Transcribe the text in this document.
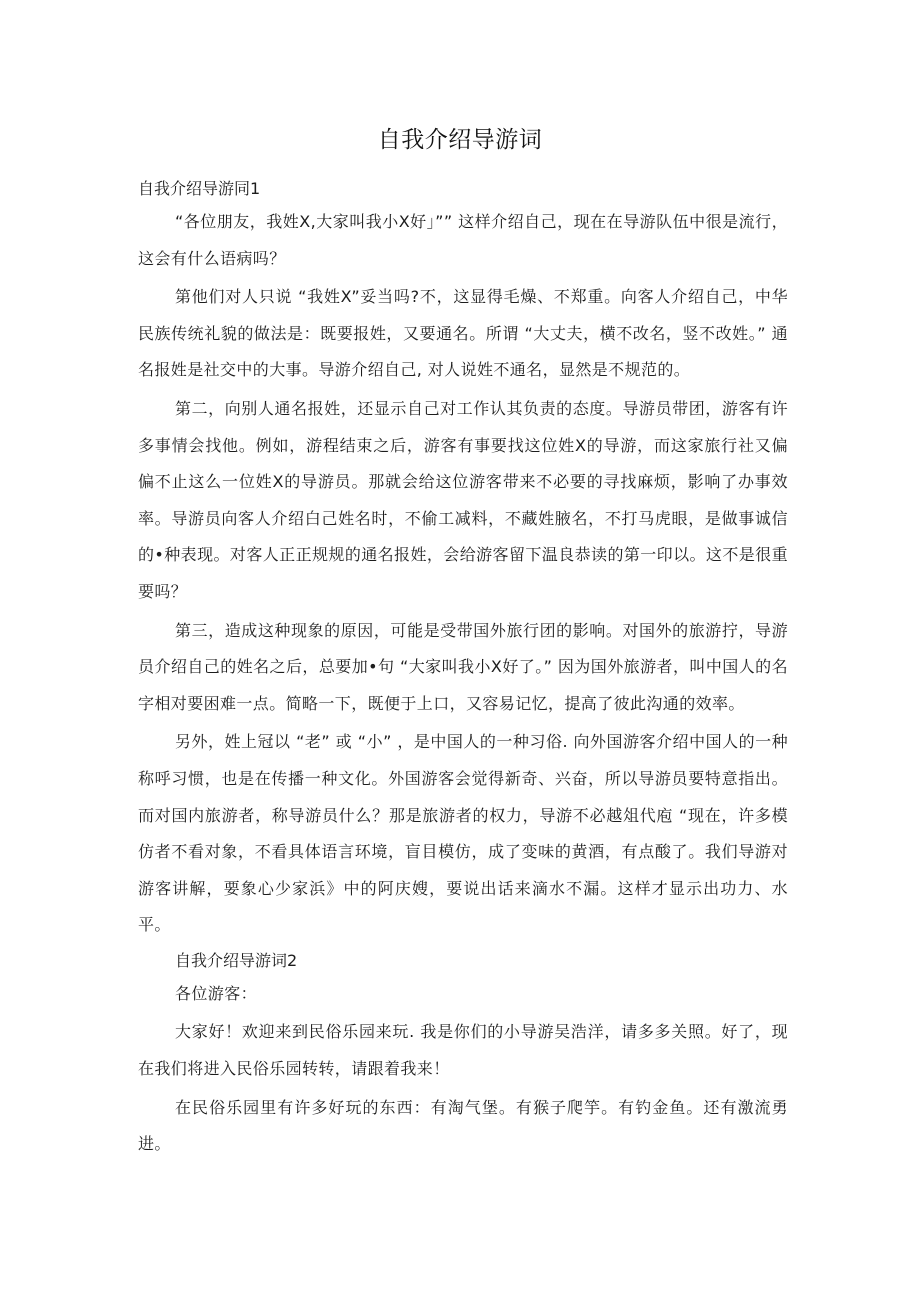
自我介绍导游词

自我介绍导游同1

“各位朋友，我姓X,大家叫我小X好」”” 这样介绍自己，现在在导游队伍中很是流行，这会有什么语病吗？

第他们对人只说 “我姓X”妥当吗?不，这显得毛燥、不郑重。向客人介绍自己，中华民族传统礼貌的做法是：既要报姓，又要通名。所谓 “大丈夫，横不改名，竖不改姓。” 通名报姓是社交中的大事。导游介绍自己, 对人说姓不通名，显然是不规范的。

第二，向别人通名报姓，还显示自己对工作认其负责的态度。导游员带团，游客有许多事情会找他。例如，游程结束之后，游客有事要找这位姓X的导游，而这家旅行社又偏偏不止这么一位姓X的导游员。那就会给这位游客带来不必要的寻找麻烦，影响了办事效率。导游员向客人介绍白己姓名时，不偷工减料，不藏姓腋名，不打马虎眼，是做事诚信的•种表现。对客人正正规规的通名报姓，会给游客留下温良恭读的第一印以。这不是很重要吗？

第三，造成这种现象的原因，可能是受带国外旅行团的影响。对国外的旅游拧，导游员介绍自己的姓名之后，总要加•句 “大家叫我小X好了。” 因为国外旅游者，叫中国人的名字相对要困难一点。简略一下，既便于上口，又容易记忆，提高了彼此沟通的效率。

另外，姓上冠以 “老” 或 “小” ，是中国人的一种习俗. 向外国游客介绍中国人的一种称呼习惯，也是在传播一种文化。外国游客会觉得新奇、兴奋，所以导游员要特意指出。而对国内旅游者，称导游员什么？那是旅游者的权力，导游不必越俎代庖 “现在，许多模仿者不看对象，不看具体语言环境，盲目模仿，成了变味的黄酒，有点酸了。我们导游对游客讲解，要象心少家浜》中的阿庆嫂，要说出话来滴水不漏。这样才显示出功力、水平。

自我介绍导游词2

各位游客：

大家好！欢迎来到民俗乐园来玩. 我是你们的小导游吴浩洋，请多多关照。好了，现在我们将进入民俗乐园转转，请跟着我来！

在民俗乐园里有许多好玩的东西：有淘气堡。有猴子爬竽。有钓金鱼。还有激流勇进。
